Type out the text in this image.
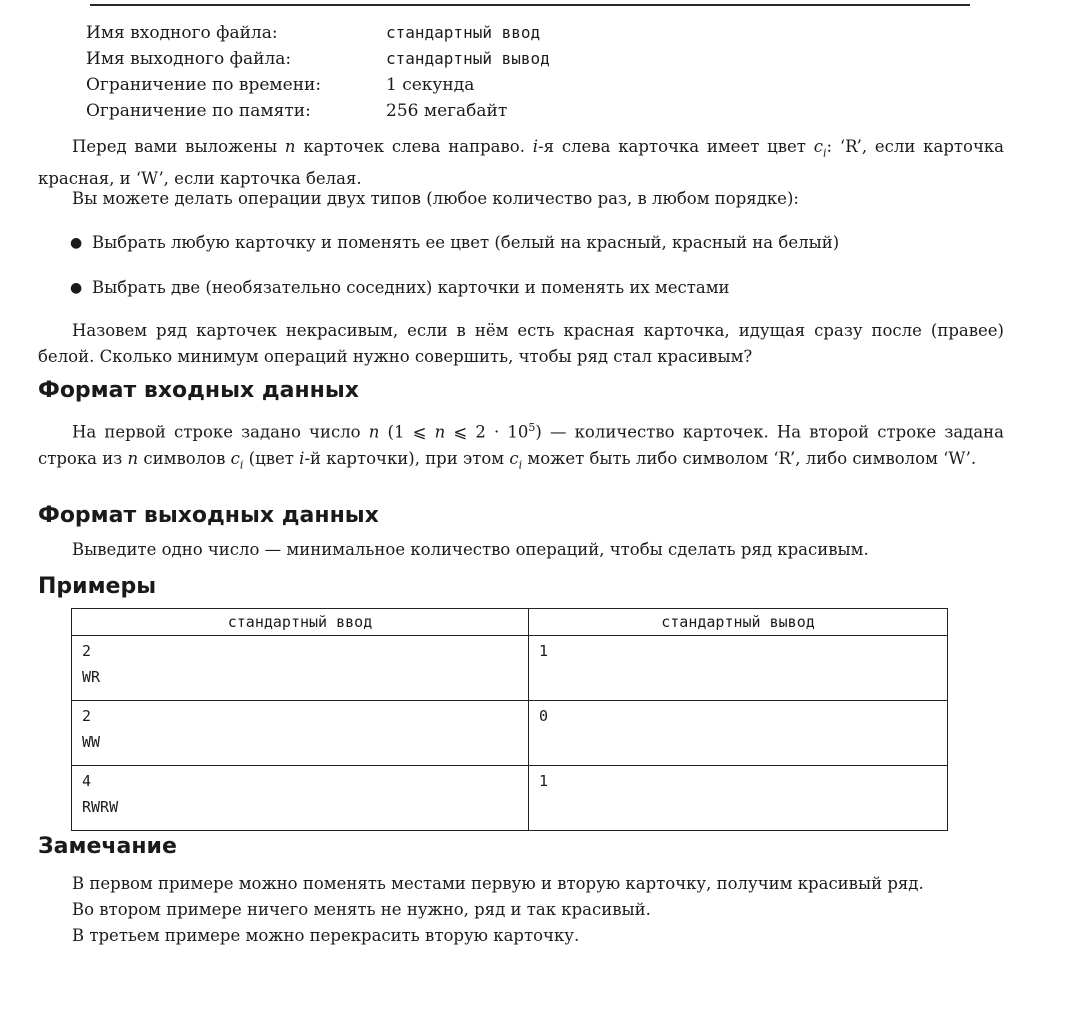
Имя входного файла:	стандартный ввод
Имя выходного файла:	стандартный вывод
Ограничение по времени:	1 секунда
Ограничение по памяти:	256 мегабайт
Перед вами выложены n карточек слева направо. i-я слева карточка имеет цвет $c_i$: ‘R’, если карточка красная, и ‘W’, если карточка белая.
Вы можете делать операции двух типов (любое количество раз, в любом порядке):
● Выбрать любую карточку и поменять ее цвет (белый на красный, красный на белый)
● Выбрать две (необязательно соседних) карточки и поменять их местами
Назовем ряд карточек некрасивым, если в нём есть красная карточка, идущая сразу после (правее) белой. Сколько минимум операций нужно совершить, чтобы ряд стал красивым?
Формат входных данных
На первой строке задано число n (1 ⩽ n ⩽ $2 \cdot 10^5$) — количество карточек. На второй строке задана строка из n символов $c_i$ (цвет i-й карточки), при этом $c_i$ может быть либо символом ‘R’, либо символом ‘W’.
Формат выходных данных
Выведите одно число — минимальное количество операций, чтобы сделать ряд красивым.
Примеры
стандартный ввод	стандартный вывод

2
WR	1

2
WW	0

4
RWRW	1
Замечание
В первом примере можно поменять местами первую и вторую карточку, получим красивый ряд.
Во втором примере ничего менять не нужно, ряд и так красивый.
В третьем примере можно перекрасить вторую карточку.
